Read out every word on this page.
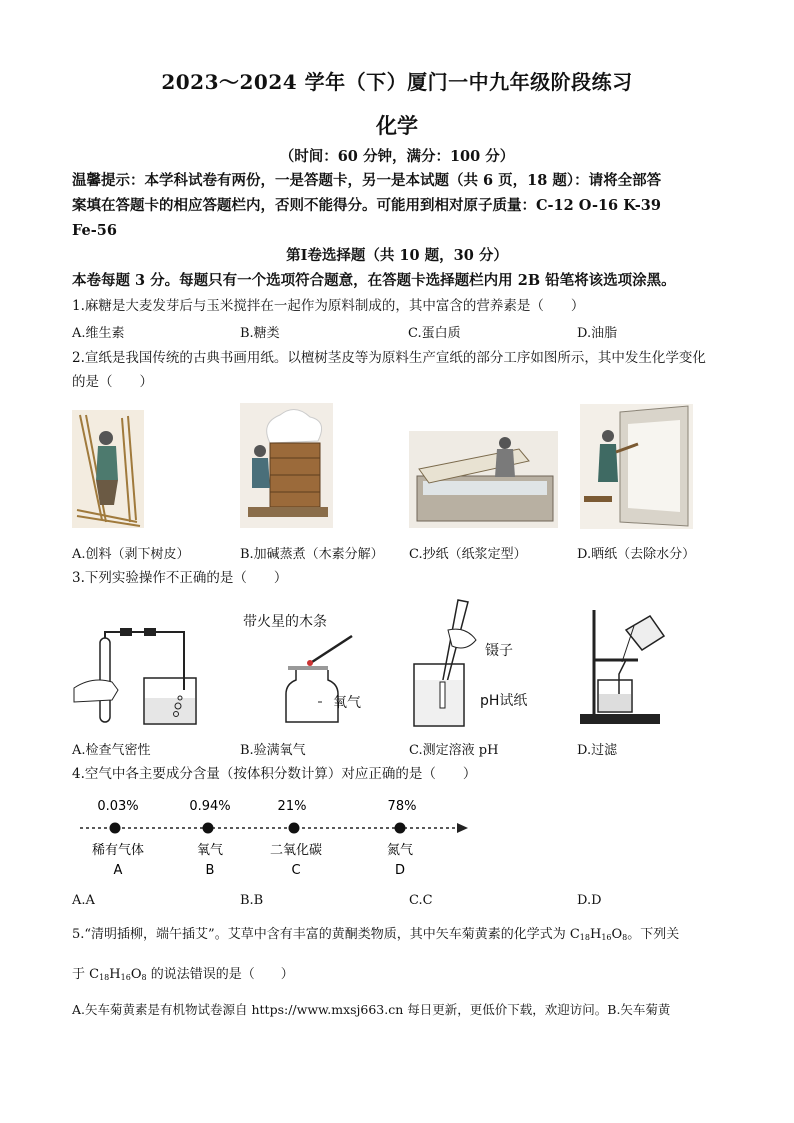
2023～2024 学年（下）厦门一中九年级阶段练习
化学
（时间：60 分钟，满分：100 分）
温馨提示：本学科试卷有两份，一是答题卡，另一是本试题（共 6 页，18 题）：请将全部答
案填在答题卡的相应答题栏内，否则不能得分。可能用到相对原子质量：C-12 O-16 K-39
Fe-56
第Ⅰ卷选择题（共 10 题，30 分）
本卷每题 3 分。每题只有一个选项符合题意，在答题卡选择题栏内用 2B 铅笔将该选项涂黑。
1.麻糖是大麦发芽后与玉米搅拌在一起作为原料制成的，其中富含的营养素是（　　）
A.维生素	B.糖类	C.蛋白质	D.油脂
2.宣纸是我国传统的古典书画用纸。以檀树茎皮等为原料生产宣纸的部分工序如图所示，其中发生化学变化
的是（　　）
A.创料（剥下树皮）	B.加碱蒸煮（木素分解） C.抄纸（纸浆定型）	D.晒纸（去除水分）
3.下列实验操作不正确的是（　　）
带火星的木条
氧气
镊子
pH试纸
A.检查气密性	B.验满氧气	C.测定溶液 pH	D.过滤
4.空气中各主要成分含量（按体积分数计算）对应正确的是（　　）
0.03%
稀有气体
A
0.94%
氧气
B
21%
二氧化碳
C
78%
氮气
D
A.A	B.B	C.C	D.D
5.“清明插柳，端午插艾”。艾草中含有丰富的黄酮类物质，其中矢车菊黄素的化学式为 $C_{18}H_{16}O_8$。下列关
于 $C_{18}H_{16}O_8$ 的说法错误的是（　　）
A.矢车菊黄素是有机物试卷源自 https://www.mxsj663.cn 每日更新，更低价下载，欢迎访问。B.矢车菊黄
